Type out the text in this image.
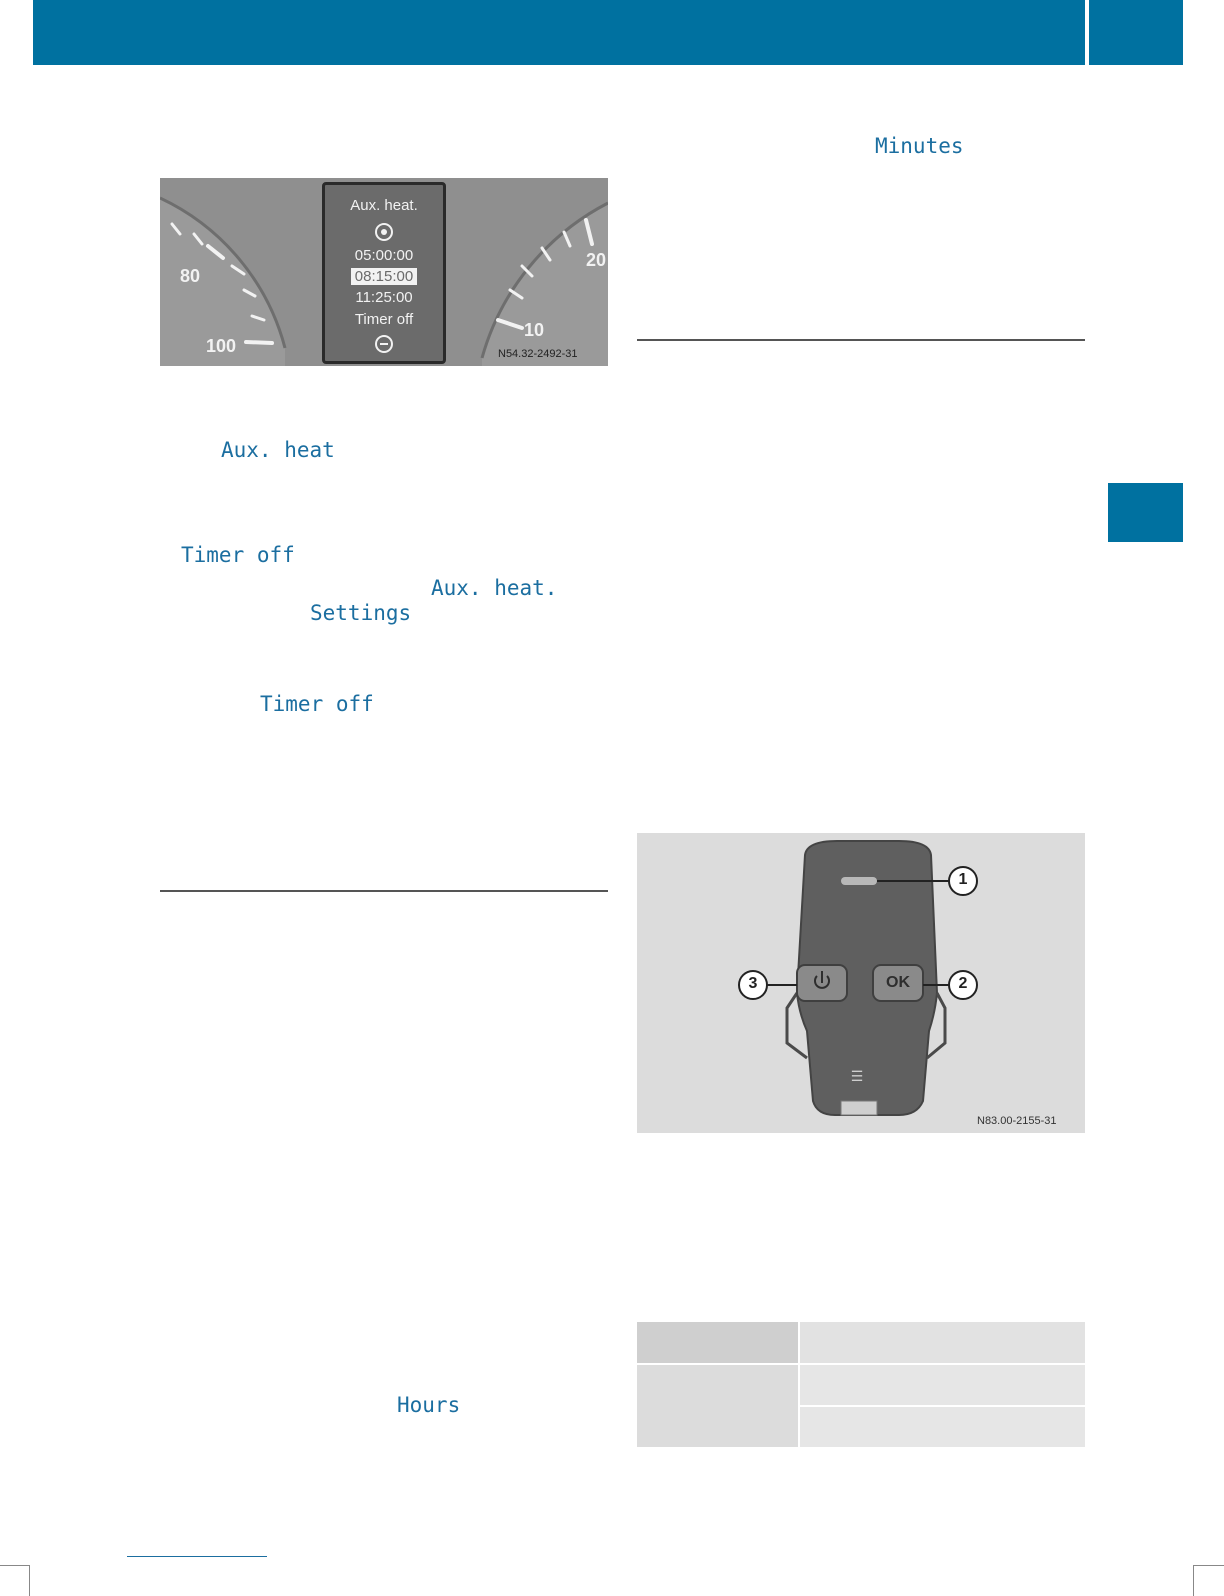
80
100
20
10
Aux. heat.
05:00:00
08:15:00
11:25:00
Timer off
N54.32-2492-31
Aux. heat
Timer off
Aux. heat.
Settings
Timer off
Hours
Minutes
☰
OK
1
2
3
N83.00-2155-31
